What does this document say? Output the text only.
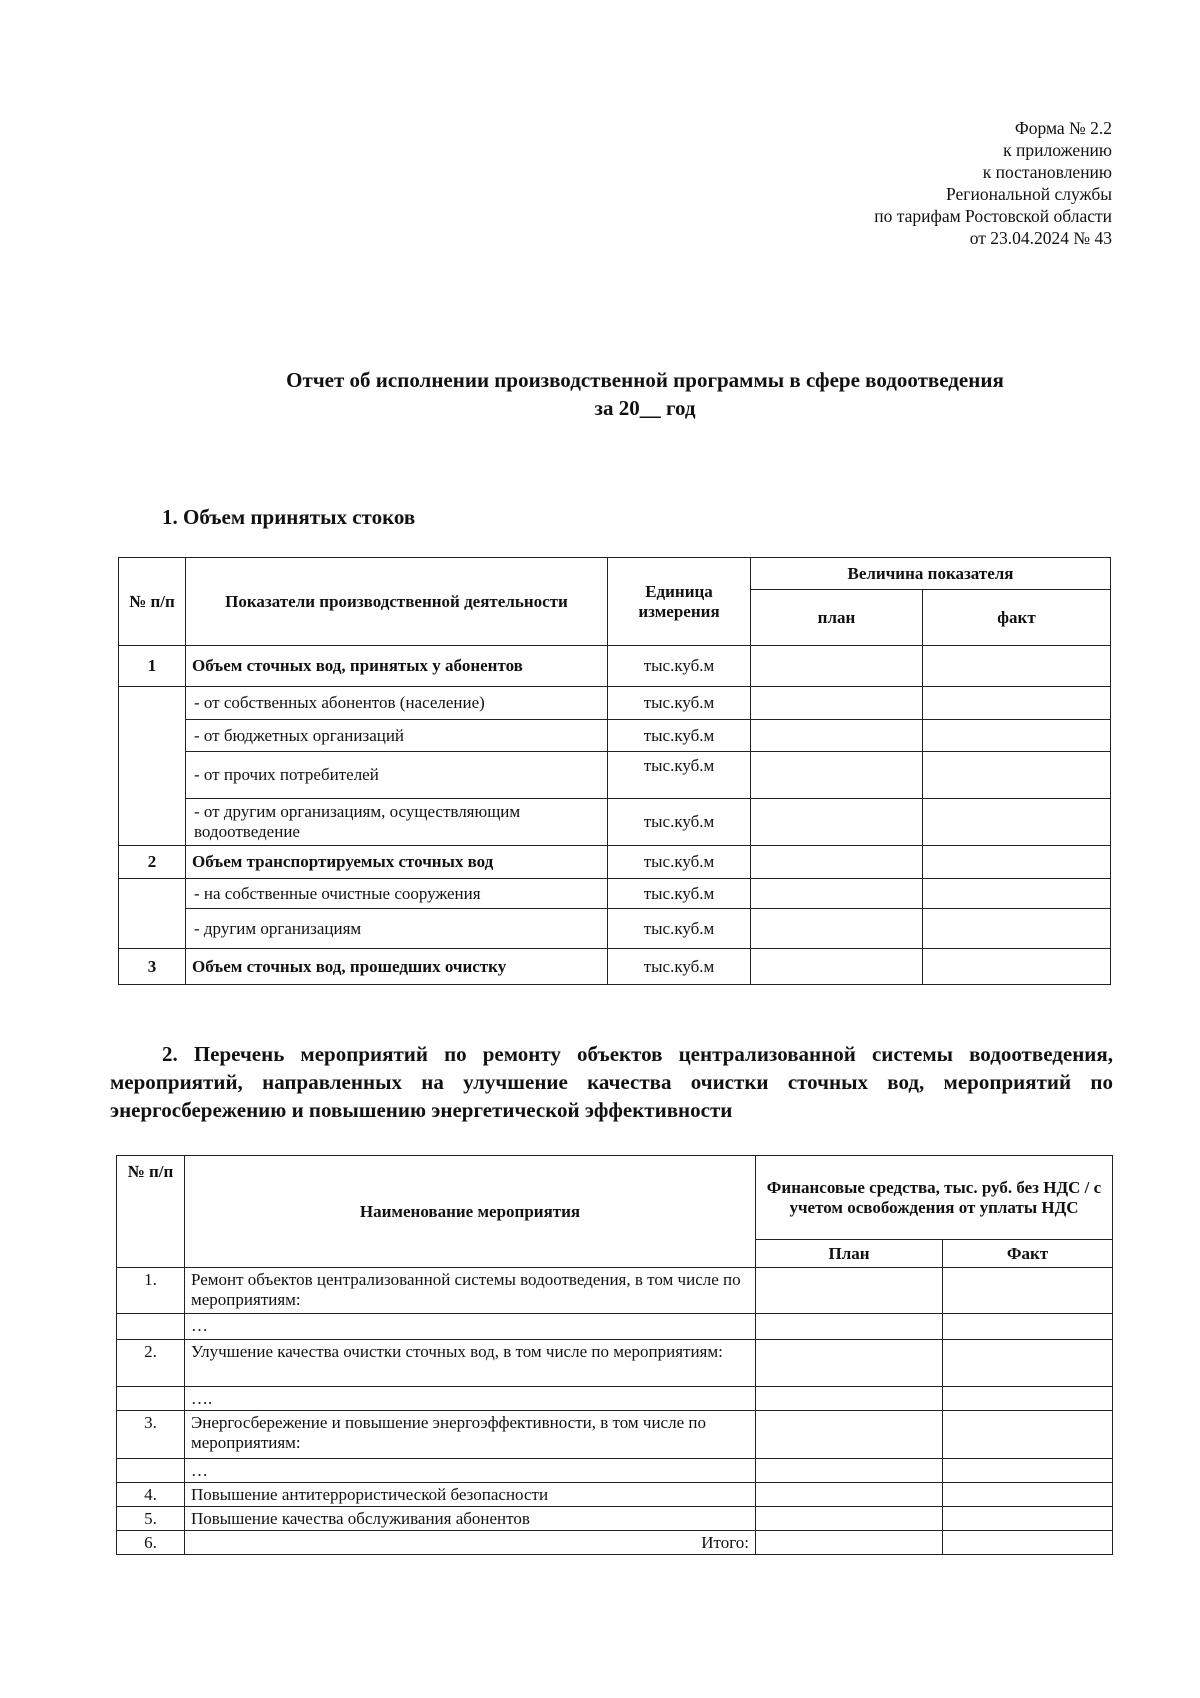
Форма № 2.2
к приложению
к постановлению
Региональной службы
по тарифам Ростовской области
от 23.04.2024 № 43
Отчет об исполнении производственной программы в сфере водоотведения
за 20__ год
1. Объем принятых стоков
№ п/п	Показатели производственной деятельности	Единица измерения	Величина показателя	
			план	факт
1	Объем сточных вод, принятых у абонентов	тыс.куб.м		
	- от собственных абонентов (население)	тыс.куб.м		
	- от бюджетных организаций	тыс.куб.м		
	- от прочих потребителей	тыс.куб.м		
	- от другим организациям, осуществляющим водоотведение	тыс.куб.м		
2	Объем транспортируемых сточных вод	тыс.куб.м		
	- на собственные очистные сооружения	тыс.куб.м		
	- другим организациям	тыс.куб.м		
3	Объем сточных вод, прошедших очистку	тыс.куб.м		
2. Перечень мероприятий по ремонту объектов централизованной системы водоотведения, мероприятий, направленных на улучшение качества очистки сточных вод, мероприятий по энергосбережению и повышению энергетической эффективности
№ п/п	Наименование мероприятия	Финансовые средства, тыс. руб. без НДС / с учетом освобождения от уплаты НДС	
		План	Факт
1.	Ремонт объектов централизованной системы водоотведения, в том числе по мероприятиям:		
	…		
2.	Улучшение качества очистки сточных вод, в том числе по мероприятиям:		
	….		
3.	Энергосбережение и повышение энергоэффективности, в том числе по мероприятиям:		
	…		
4.	Повышение антитеррористической безопасности		
5.	Повышение качества обслуживания абонентов		
6.	Итого:		
